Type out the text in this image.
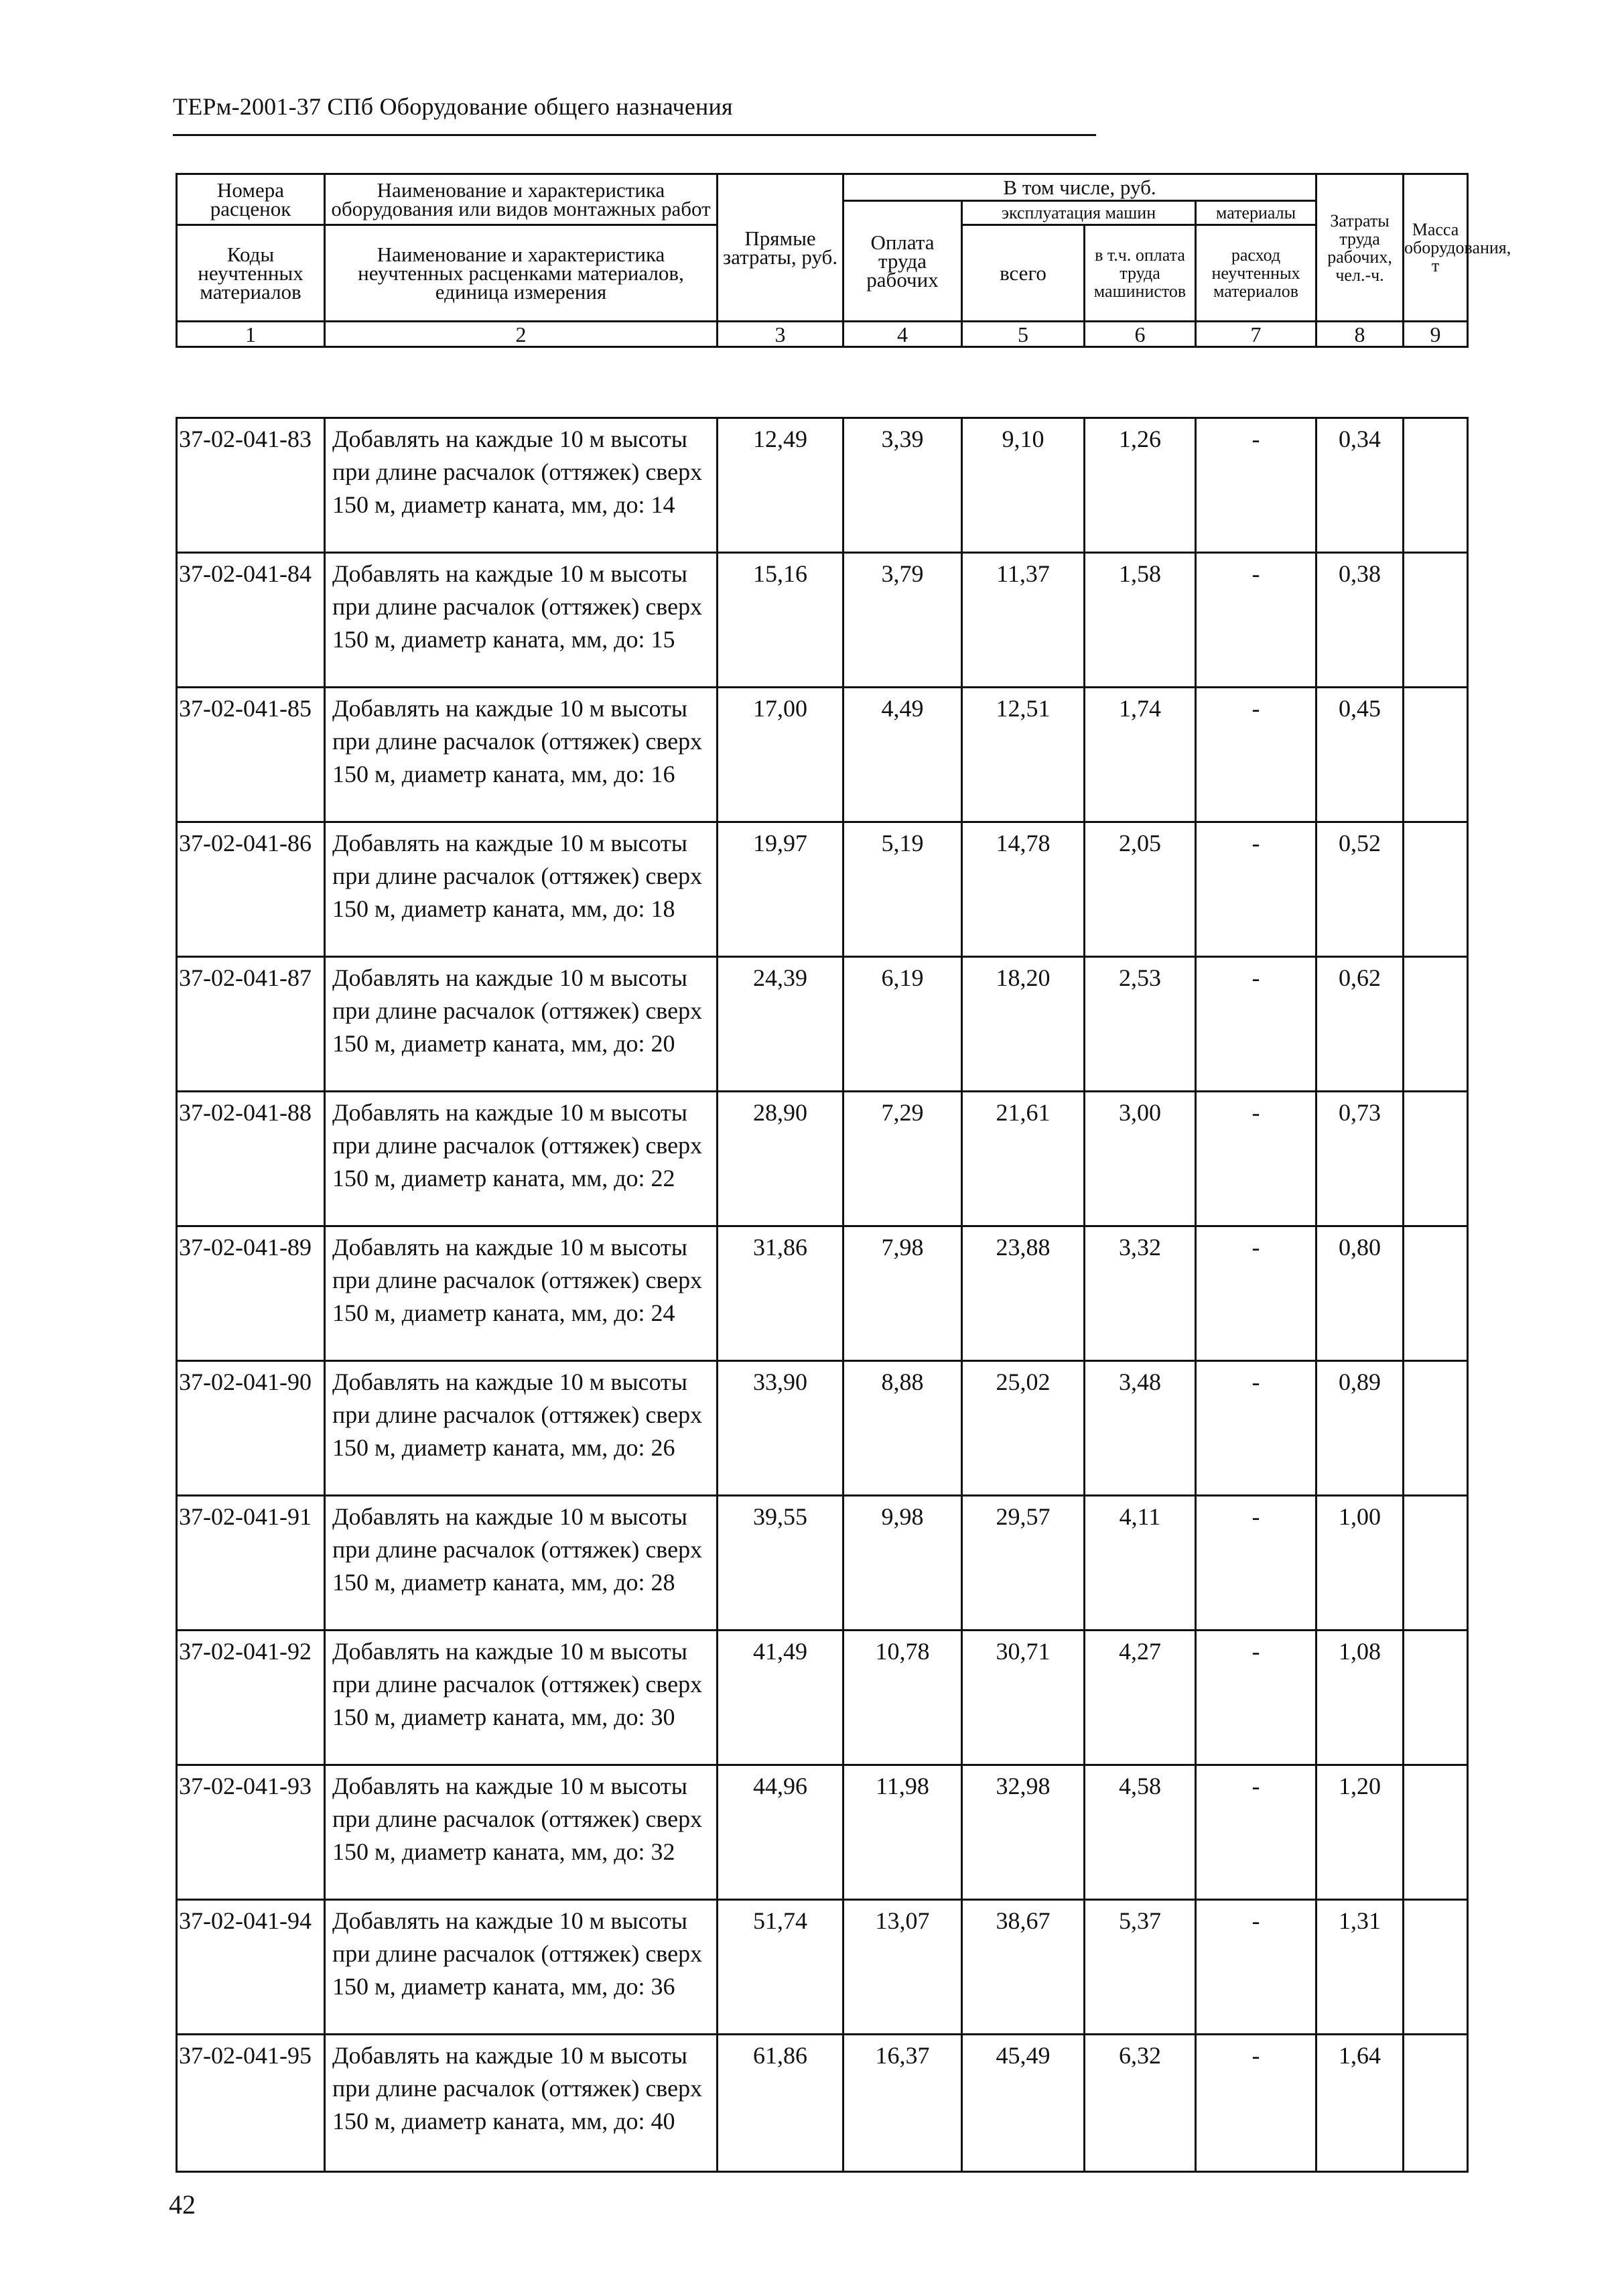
ТЕРм-2001-37 СПб Оборудование общего назначения
Номера расценок	Наименование и характеристика оборудования или видов монтажных работ	Прямые затраты, руб.	В том числе, руб.				Затраты труда рабочих, чел.-ч.	Масса оборудования, т
			Оплата труда рабочих	эксплуатация машин		материалы		
Коды неучтенных материалов	Наименование и характеристика неучтенных расценками материалов, единица измерения			всего	в т.ч. оплата труда машинистов	расход неучтенных материалов		

1	2	3	4	5	6	7	8	9
37-02-041-83	Добавлять на каждые 10 м высоты при длине расчалок (оттяжек) сверх 150 м, диаметр каната, мм, до: 14	12,49	3,39	9,10	1,26	-	0,34	
37-02-041-84	Добавлять на каждые 10 м высоты при длине расчалок (оттяжек) сверх 150 м, диаметр каната, мм, до: 15	15,16	3,79	11,37	1,58	-	0,38	
37-02-041-85	Добавлять на каждые 10 м высоты при длине расчалок (оттяжек) сверх 150 м, диаметр каната, мм, до: 16	17,00	4,49	12,51	1,74	-	0,45	
37-02-041-86	Добавлять на каждые 10 м высоты при длине расчалок (оттяжек) сверх 150 м, диаметр каната, мм, до: 18	19,97	5,19	14,78	2,05	-	0,52	
37-02-041-87	Добавлять на каждые 10 м высоты при длине расчалок (оттяжек) сверх 150 м, диаметр каната, мм, до: 20	24,39	6,19	18,20	2,53	-	0,62	
37-02-041-88	Добавлять на каждые 10 м высоты при длине расчалок (оттяжек) сверх 150 м, диаметр каната, мм, до: 22	28,90	7,29	21,61	3,00	-	0,73	
37-02-041-89	Добавлять на каждые 10 м высоты при длине расчалок (оттяжек) сверх 150 м, диаметр каната, мм, до: 24	31,86	7,98	23,88	3,32	-	0,80	
37-02-041-90	Добавлять на каждые 10 м высоты при длине расчалок (оттяжек) сверх 150 м, диаметр каната, мм, до: 26	33,90	8,88	25,02	3,48	-	0,89	
37-02-041-91	Добавлять на каждые 10 м высоты при длине расчалок (оттяжек) сверх 150 м, диаметр каната, мм, до: 28	39,55	9,98	29,57	4,11	-	1,00	
37-02-041-92	Добавлять на каждые 10 м высоты при длине расчалок (оттяжек) сверх 150 м, диаметр каната, мм, до: 30	41,49	10,78	30,71	4,27	-	1,08	
37-02-041-93	Добавлять на каждые 10 м высоты при длине расчалок (оттяжек) сверх 150 м, диаметр каната, мм, до: 32	44,96	11,98	32,98	4,58	-	1,20	
37-02-041-94	Добавлять на каждые 10 м высоты при длине расчалок (оттяжек) сверх 150 м, диаметр каната, мм, до: 36	51,74	13,07	38,67	5,37	-	1,31	
37-02-041-95	Добавлять на каждые 10 м высоты при длине расчалок (оттяжек) сверх 150 м, диаметр каната, мм, до: 40	61,86	16,37	45,49	6,32	-	1,64	
42
